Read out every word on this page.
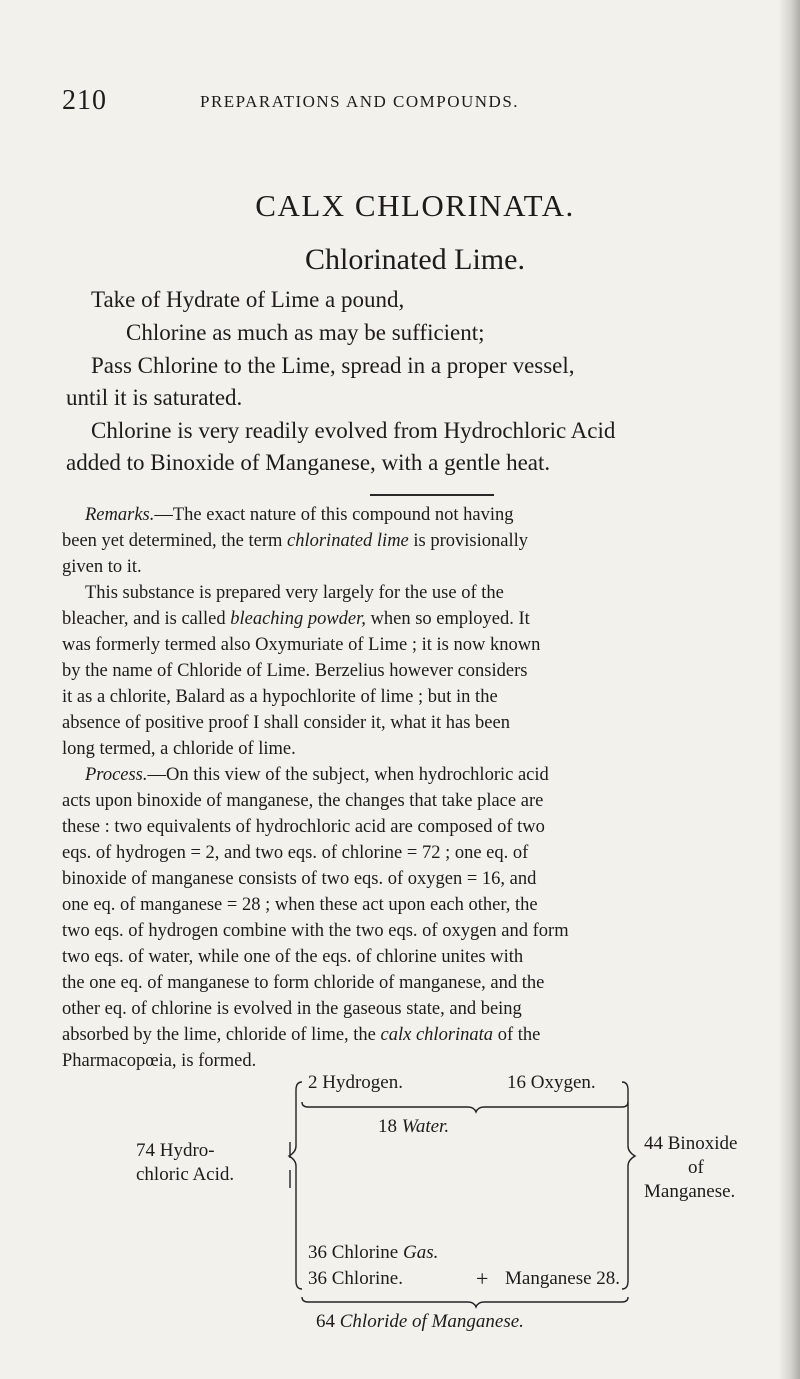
210	PREPARATIONS AND COMPOUNDS.
CALX CHLORINATA.
Chlorinated Lime.
Take of Hydrate of Lime a pound,
Chlorine as much as may be sufficient;
Pass Chlorine to the Lime, spread in a proper vessel,
until it is saturated.
Chlorine is very readily evolved from Hydrochloric Acid
added to Binoxide of Manganese, with a gentle heat.
Remarks.—The exact nature of this compound not having
been yet determined, the term chlorinated lime is provisionally
given to it.
This substance is prepared very largely for the use of the
bleacher, and is called bleaching powder, when so employed. It
was formerly termed also Oxymuriate of Lime ; it is now known
by the name of Chloride of Lime. Berzelius however considers
it as a chlorite, Balard as a hypochlorite of lime ; but in the
absence of positive proof I shall consider it, what it has been
long termed, a chloride of lime.
Process.—On this view of the subject, when hydrochloric acid
acts upon binoxide of manganese, the changes that take place are
these : two equivalents of hydrochloric acid are composed of two
eqs. of hydrogen = 2, and two eqs. of chlorine = 72 ; one eq. of
binoxide of manganese consists of two eqs. of oxygen = 16, and
one eq. of manganese = 28 ; when these act upon each other, the
two eqs. of hydrogen combine with the two eqs. of oxygen and form
two eqs. of water, while one of the eqs. of chlorine unites with
the one eq. of manganese to form chloride of manganese, and the
other eq. of chlorine is evolved in the gaseous state, and being
absorbed by the lime, chloride of lime, the calx chlorinata of the
Pharmacopœia, is formed.
2 Hydrogen.	16 Oxygen.
18 Water.
74 Hydro-
chloric Acid.
44 Binoxide
of
Manganese.
36 Chlorine Gas.
36 Chlorine.	+ Manganese 28.
64 Chloride of Manganese.
